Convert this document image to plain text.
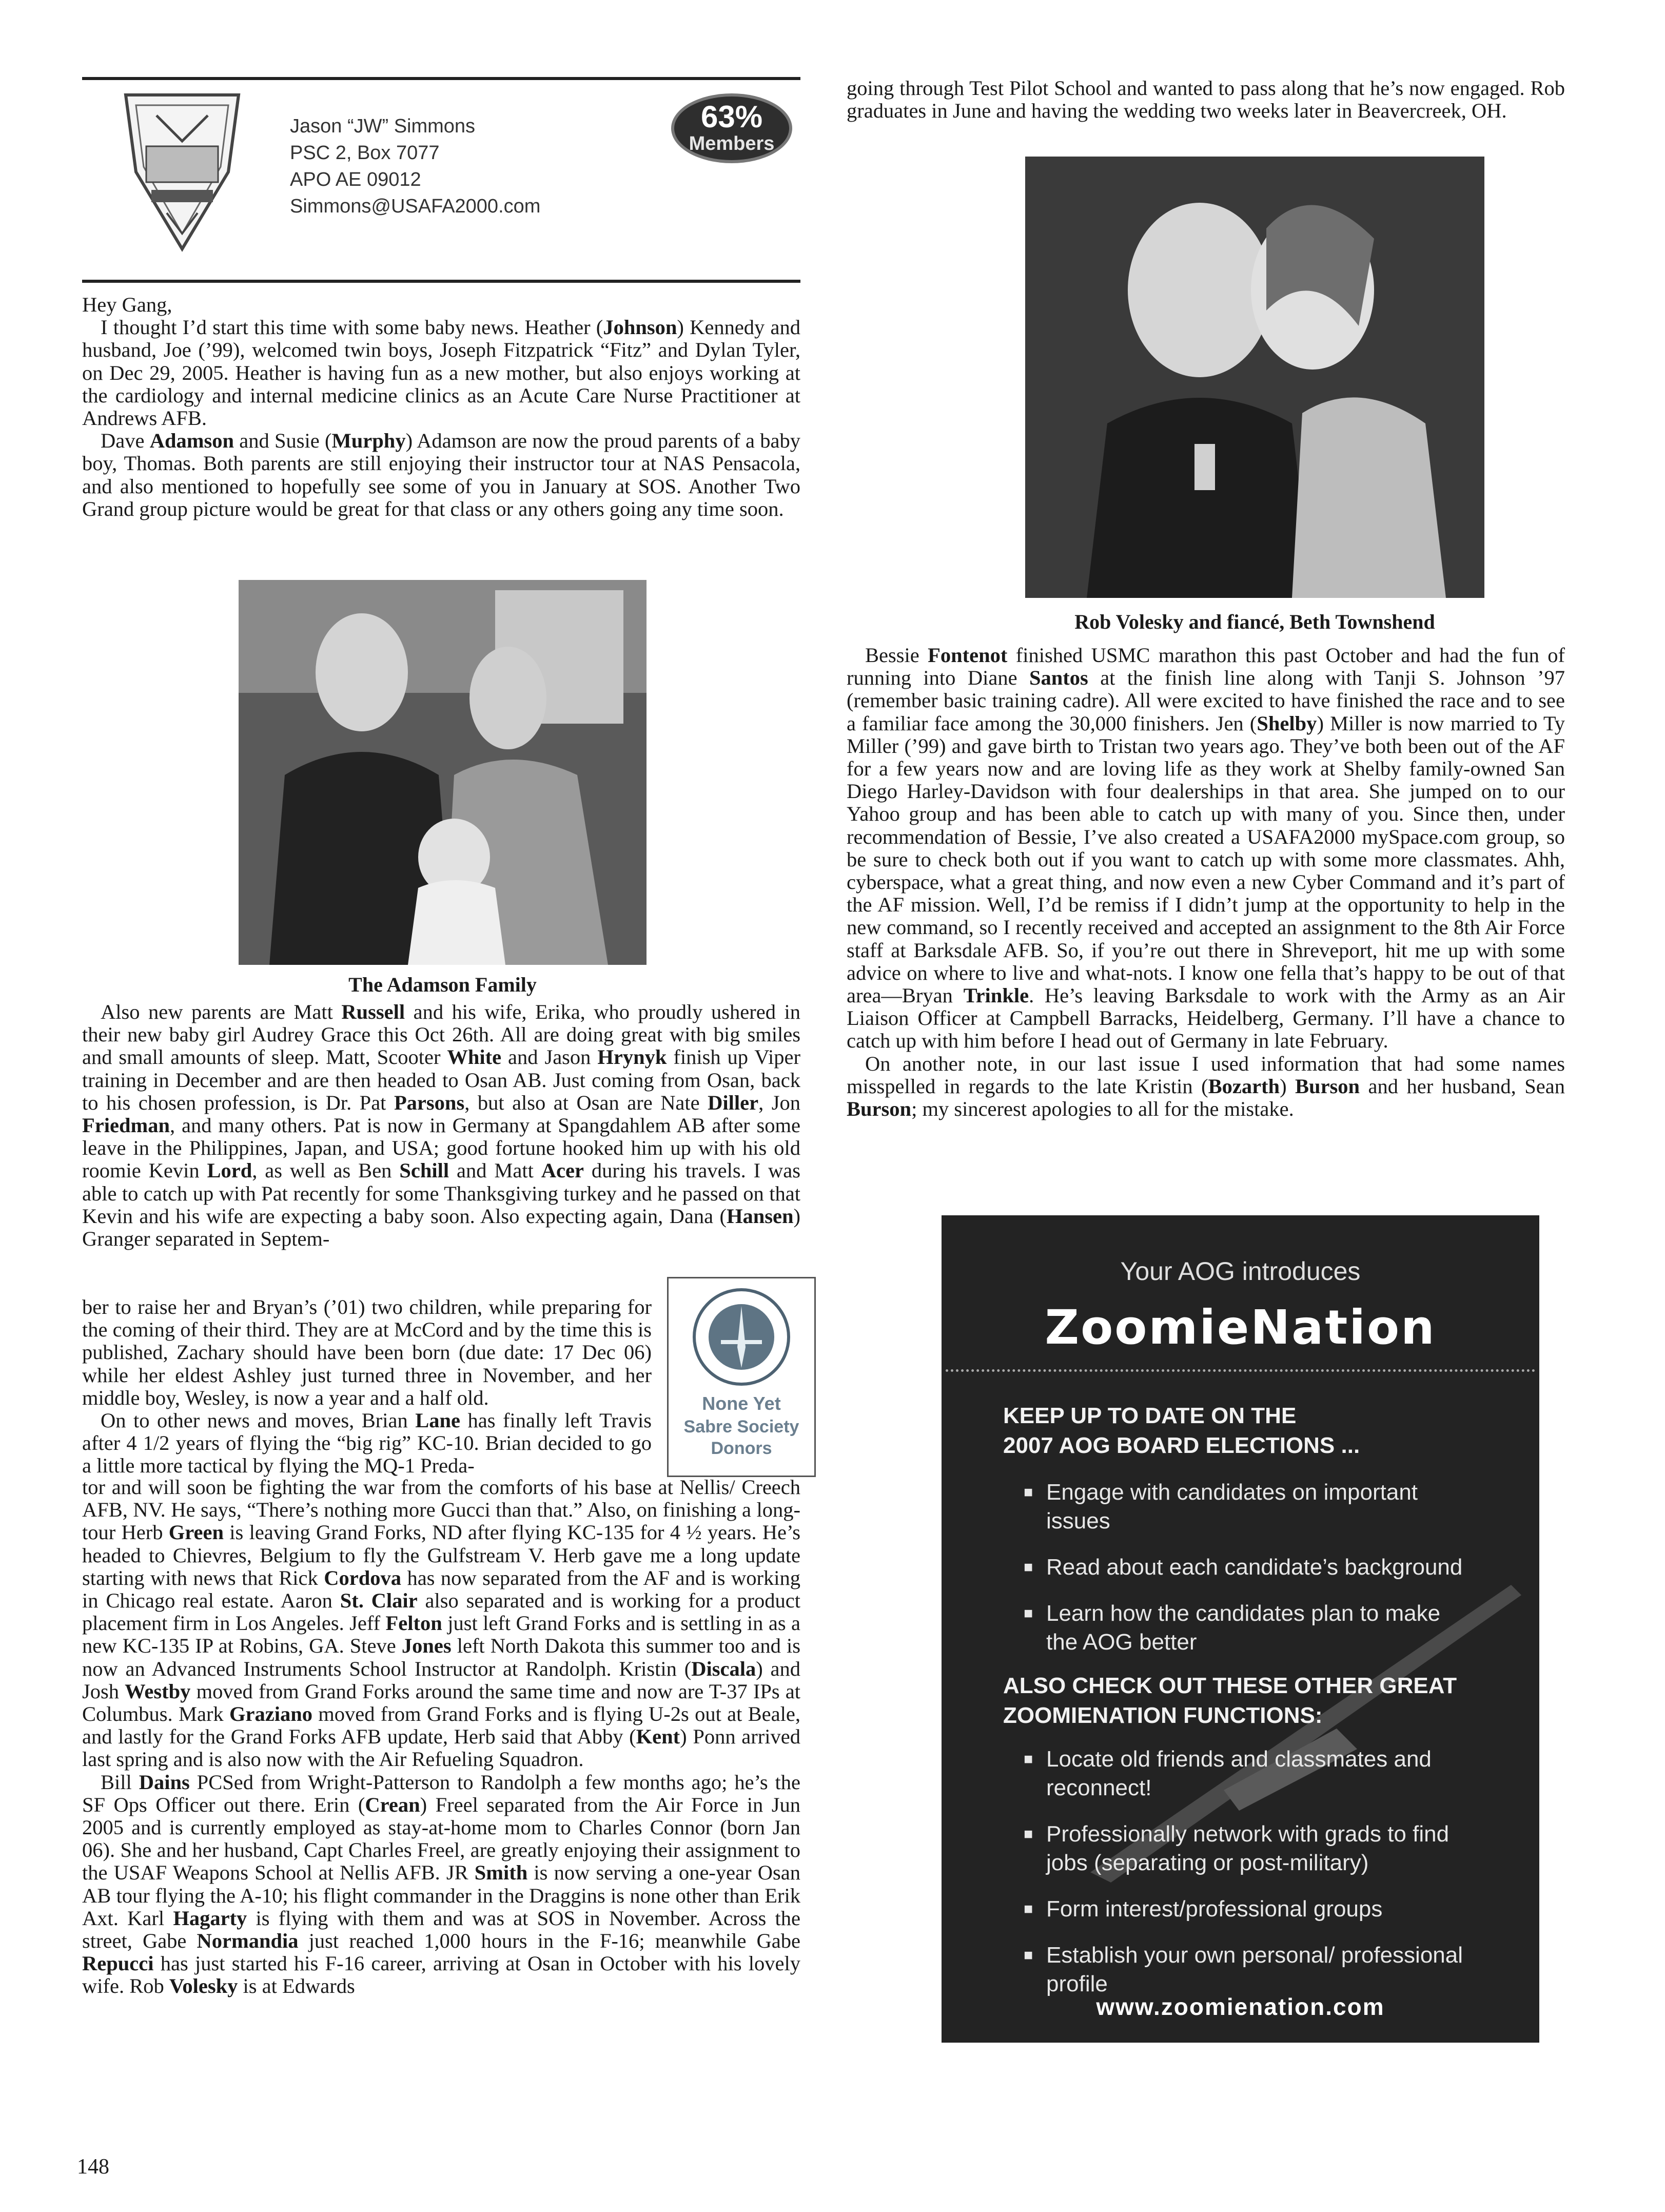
Jason “JW” Simmons
PSC 2, Box 7077
APO AE 09012
Simmons@USAFA2000.com
63%
Members

Hey Gang,

I thought I’d start this time with some baby news. Heather (Johnson) Kennedy and husband, Joe (’99), welcomed twin boys, Joseph Fitzpatrick “Fitz” and Dylan Tyler, on Dec 29, 2005. Heather is having fun as a new mother, but also enjoys working at the cardiology and internal medicine clinics as an Acute Care Nurse Practitioner at Andrews AFB.

Dave Adamson and Susie (Murphy) Adamson are now the proud parents of a baby boy, Thomas. Both parents are still enjoying their instructor tour at NAS Pensacola, and also mentioned to hopefully see some of you in January at SOS. Another Two Grand group picture would be great for that class or any others going any time soon.

The Adamson Family

Also new parents are Matt Russell and his wife, Erika, who proudly ushered in their new baby girl Audrey Grace this Oct 26th. All are doing great with big smiles and small amounts of sleep. Matt, Scooter White and Jason Hrynyk finish up Viper training in December and are then headed to Osan AB. Just coming from Osan, back to his chosen profession, is Dr. Pat Parsons, but also at Osan are Nate Diller, Jon Friedman, and many others. Pat is now in Germany at Spangdahlem AB after some leave in the Philippines, Japan, and USA; good fortune hooked him up with his old roomie Kevin Lord, as well as Ben Schill and Matt Acer during his travels. I was able to catch up with Pat recently for some Thanksgiving turkey and he passed on that Kevin and his wife are expecting a baby soon. Also expecting again, Dana (Hansen) Granger separated in Septem-

ber to raise her and Bryan’s (’01) two children, while preparing for the coming of their third. They are at McCord and by the time this is published, Zachary should have been born (due date: 17 Dec 06) while her eldest Ashley just turned three in November, and her middle boy, Wesley, is now a year and a half old.

On to other news and moves, Brian Lane has finally left Travis after 4 1/2 years of flying the “big rig” KC-10. Brian decided to go a little more tactical by flying the MQ-1 Preda-

None Yet
Sabre Society
Donors

tor and will soon be fighting the war from the comforts of his base at Nellis/ Creech AFB, NV. He says, “There’s nothing more Gucci than that.” Also, on finishing a long-tour Herb Green is leaving Grand Forks, ND after flying KC-135 for 4 ½ years. He’s headed to Chievres, Belgium to fly the Gulfstream V. Herb gave me a long update starting with news that Rick Cordova has now separated from the AF and is working in Chicago real estate. Aaron St. Clair also separated and is working for a product placement firm in Los Angeles. Jeff Felton just left Grand Forks and is settling in as a new KC-135 IP at Robins, GA. Steve Jones left North Dakota this summer too and is now an Advanced Instruments School Instructor at Randolph. Kristin (Discala) and Josh Westby moved from Grand Forks around the same time and now are T-37 IPs at Columbus. Mark Graziano moved from Grand Forks and is flying U-2s out at Beale, and lastly for the Grand Forks AFB update, Herb said that Abby (Kent) Ponn arrived last spring and is also now with the Air Refueling Squadron.

Bill Dains PCSed from Wright-Patterson to Randolph a few months ago; he’s the SF Ops Officer out there. Erin (Crean) Freel separated from the Air Force in Jun 2005 and is currently employed as stay-at-home mom to Charles Connor (born Jan 06). She and her husband, Capt Charles Freel, are greatly enjoying their assignment to the USAF Weapons School at Nellis AFB. JR Smith is now serving a one-year Osan AB tour flying the A-10; his flight commander in the Draggins is none other than Erik Axt. Karl Hagarty is flying with them and was at SOS in November. Across the street, Gabe Normandia just reached 1,000 hours in the F-16; meanwhile Gabe Repucci has just started his F-16 career, arriving at Osan in October with his lovely wife. Rob Volesky is at Edwards

going through Test Pilot School and wanted to pass along that he’s now engaged. Rob graduates in June and having the wedding two weeks later in Beavercreek, OH.

Rob Volesky and fiancé, Beth Townshend

Bessie Fontenot finished USMC marathon this past October and had the fun of running into Diane Santos at the finish line along with Tanji S. Johnson ’97 (remember basic training cadre). All were excited to have finished the race and to see a familiar face among the 30,000 finishers. Jen (Shelby) Miller is now married to Ty Miller (’99) and gave birth to Tristan two years ago. They’ve both been out of the AF for a few years now and are loving life as they work at Shelby family-owned San Diego Harley-Davidson with four dealerships in that area. She jumped on to our Yahoo group and has been able to catch up with many of you. Since then, under recommendation of Bessie, I’ve also created a USAFA2000 mySpace.com group, so be sure to check both out if you want to catch up with some more classmates. Ahh, cyberspace, what a great thing, and now even a new Cyber Command and it’s part of the AF mission. Well, I’d be remiss if I didn’t jump at the opportunity to help in the new command, so I recently received and accepted an assignment to the 8th Air Force staff at Barksdale AFB. So, if you’re out there in Shreveport, hit me up with some advice on where to live and what-nots. I know one fella that’s happy to be out of that area—Bryan Trinkle. He’s leaving Barksdale to work with the Army as an Air Liaison Officer at Campbell Barracks, Heidelberg, Germany. I’ll have a chance to catch up with him before I head out of Germany in late February.

On another note, in our last issue I used information that had some names misspelled in regards to the late Kristin (Bozarth) Burson and her husband, Sean Burson; my sincerest apologies to all for the mistake.

Your AOG introduces
ZoomieNation
KEEP UP TO DATE ON THE
2007 AOG BOARD ELECTIONS ...
■ Engage with candidates on important issues
■ Read about each candidate’s background
■ Learn how the candidates plan to make the AOG better
ALSO CHECK OUT THESE OTHER GREAT
ZOOMIENATION FUNCTIONS:
■ Locate old friends and classmates and reconnect!
■ Professionally network with grads to find jobs (separating or post-military)
■ Form interest/professional groups
■ Establish your own personal/ professional profile
www.zoomienation.com
148
